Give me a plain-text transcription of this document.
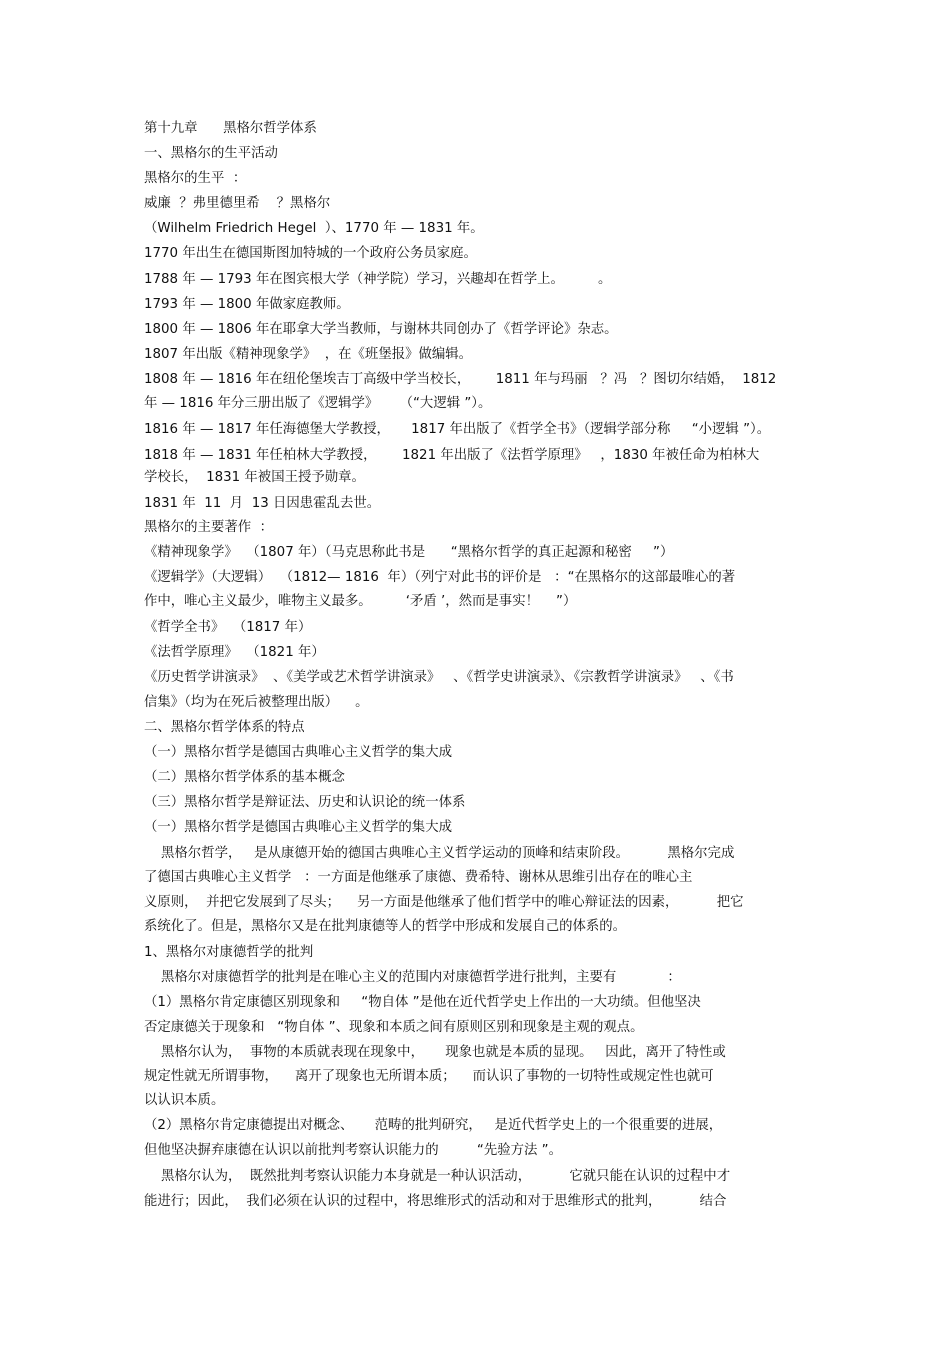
第十九章      黑格尔哲学体系
一、黑格尔的生平活动
黑格尔的生平  ：
威廉  ？弗里德里希    ？黑格尔
（Wilhelm Friedrich Hegel  ）、1770 年 — 1831 年。
1770 年出生在德国斯图加特城的一个政府公务员家庭。
1788 年 — 1793 年在图宾根大学（神学院）学习，兴趣却在哲学上。        。
1793 年 — 1800 年做家庭教师。
1800 年 — 1806 年在耶拿大学当教师，与谢林共同创办了《哲学评论》杂志。
1807 年出版《精神现象学》  ，在《班堡报》做编辑。
1808 年 — 1816 年在纽伦堡埃吉丁高级中学当校长，      1811 年与玛丽   ？冯   ？图切尔结婚，  1812
年 — 1816 年分三册出版了《逻辑学》     （“大逻辑 ”）。
1816 年 — 1817 年任海德堡大学教授，     1817 年出版了《哲学全书》（逻辑学部分称     “小逻辑 ”）。
1818 年 — 1831 年任柏林大学教授，      1821 年出版了《法哲学原理》   ，1830 年被任命为柏林大
学校长，  1831 年被国王授予勋章。
1831 年  11  月  13 日因患霍乱去世。
黑格尔的主要著作  ：
《精神现象学》  （1807 年）（马克思称此书是      “黑格尔哲学的真正起源和秘密     ”）
《逻辑学》（大逻辑）  （1812— 1816  年）（列宁对此书的评价是   ：“在黑格尔的这部最唯心的著
作中，唯心主义最少，唯物主义最多。        ‘矛盾 ’，然而是事实！    ”）
《哲学全书》  （1817 年）
《法哲学原理》  （1821 年）
《历史哲学讲演录》  、《美学或艺术哲学讲演录》   、《哲学史讲演录》、《宗教哲学讲演录》   、《书
信集》（均为在死后被整理出版）    。
二、黑格尔哲学体系的特点
（一）黑格尔哲学是德国古典唯心主义哲学的集大成
（二）黑格尔哲学体系的基本概念
（三）黑格尔哲学是辩证法、历史和认识论的统一体系
（一）黑格尔哲学是德国古典唯心主义哲学的集大成
黑格尔哲学，   是从康德开始的德国古典唯心主义哲学运动的顶峰和结束阶段。         黑格尔完成
了德国古典唯心主义哲学   ：一方面是他继承了康德、费希特、谢林从思维引出存在的唯心主
义原则，  并把它发展到了尽头；    另一方面是他继承了他们哲学中的唯心辩证法的因素，         把它
系统化了。但是，黑格尔又是在批判康德等人的哲学中形成和发展自己的体系的。
1、黑格尔对康德哲学的批判
黑格尔对康德哲学的批判是在唯心主义的范围内对康德哲学进行批判，主要有            ：
（1）黑格尔肯定康德区别现象和     “物自体 ”是他在近代哲学史上作出的一大功绩。但他坚决
否定康德关于现象和   “物自体 ”、现象和本质之间有原则区别和现象是主观的观点。
黑格尔认为，  事物的本质就表现在现象中，     现象也就是本质的显现。   因此，离开了特性或
规定性就无所谓事物，    离开了现象也无所谓本质；    而认识了事物的一切特性或规定性也就可
以认识本质。
（2）黑格尔肯定康德提出对概念、     范畴的批判研究，   是近代哲学史上的一个很重要的进展，
但他坚决摒弃康德在认识以前批判考察认识能力的         “先验方法 ”。
黑格尔认为，  既然批判考察认识能力本身就是一种认识活动，         它就只能在认识的过程中才
能进行；因此，  我们必须在认识的过程中，将思维形式的活动和对于思维形式的批判，         结合
